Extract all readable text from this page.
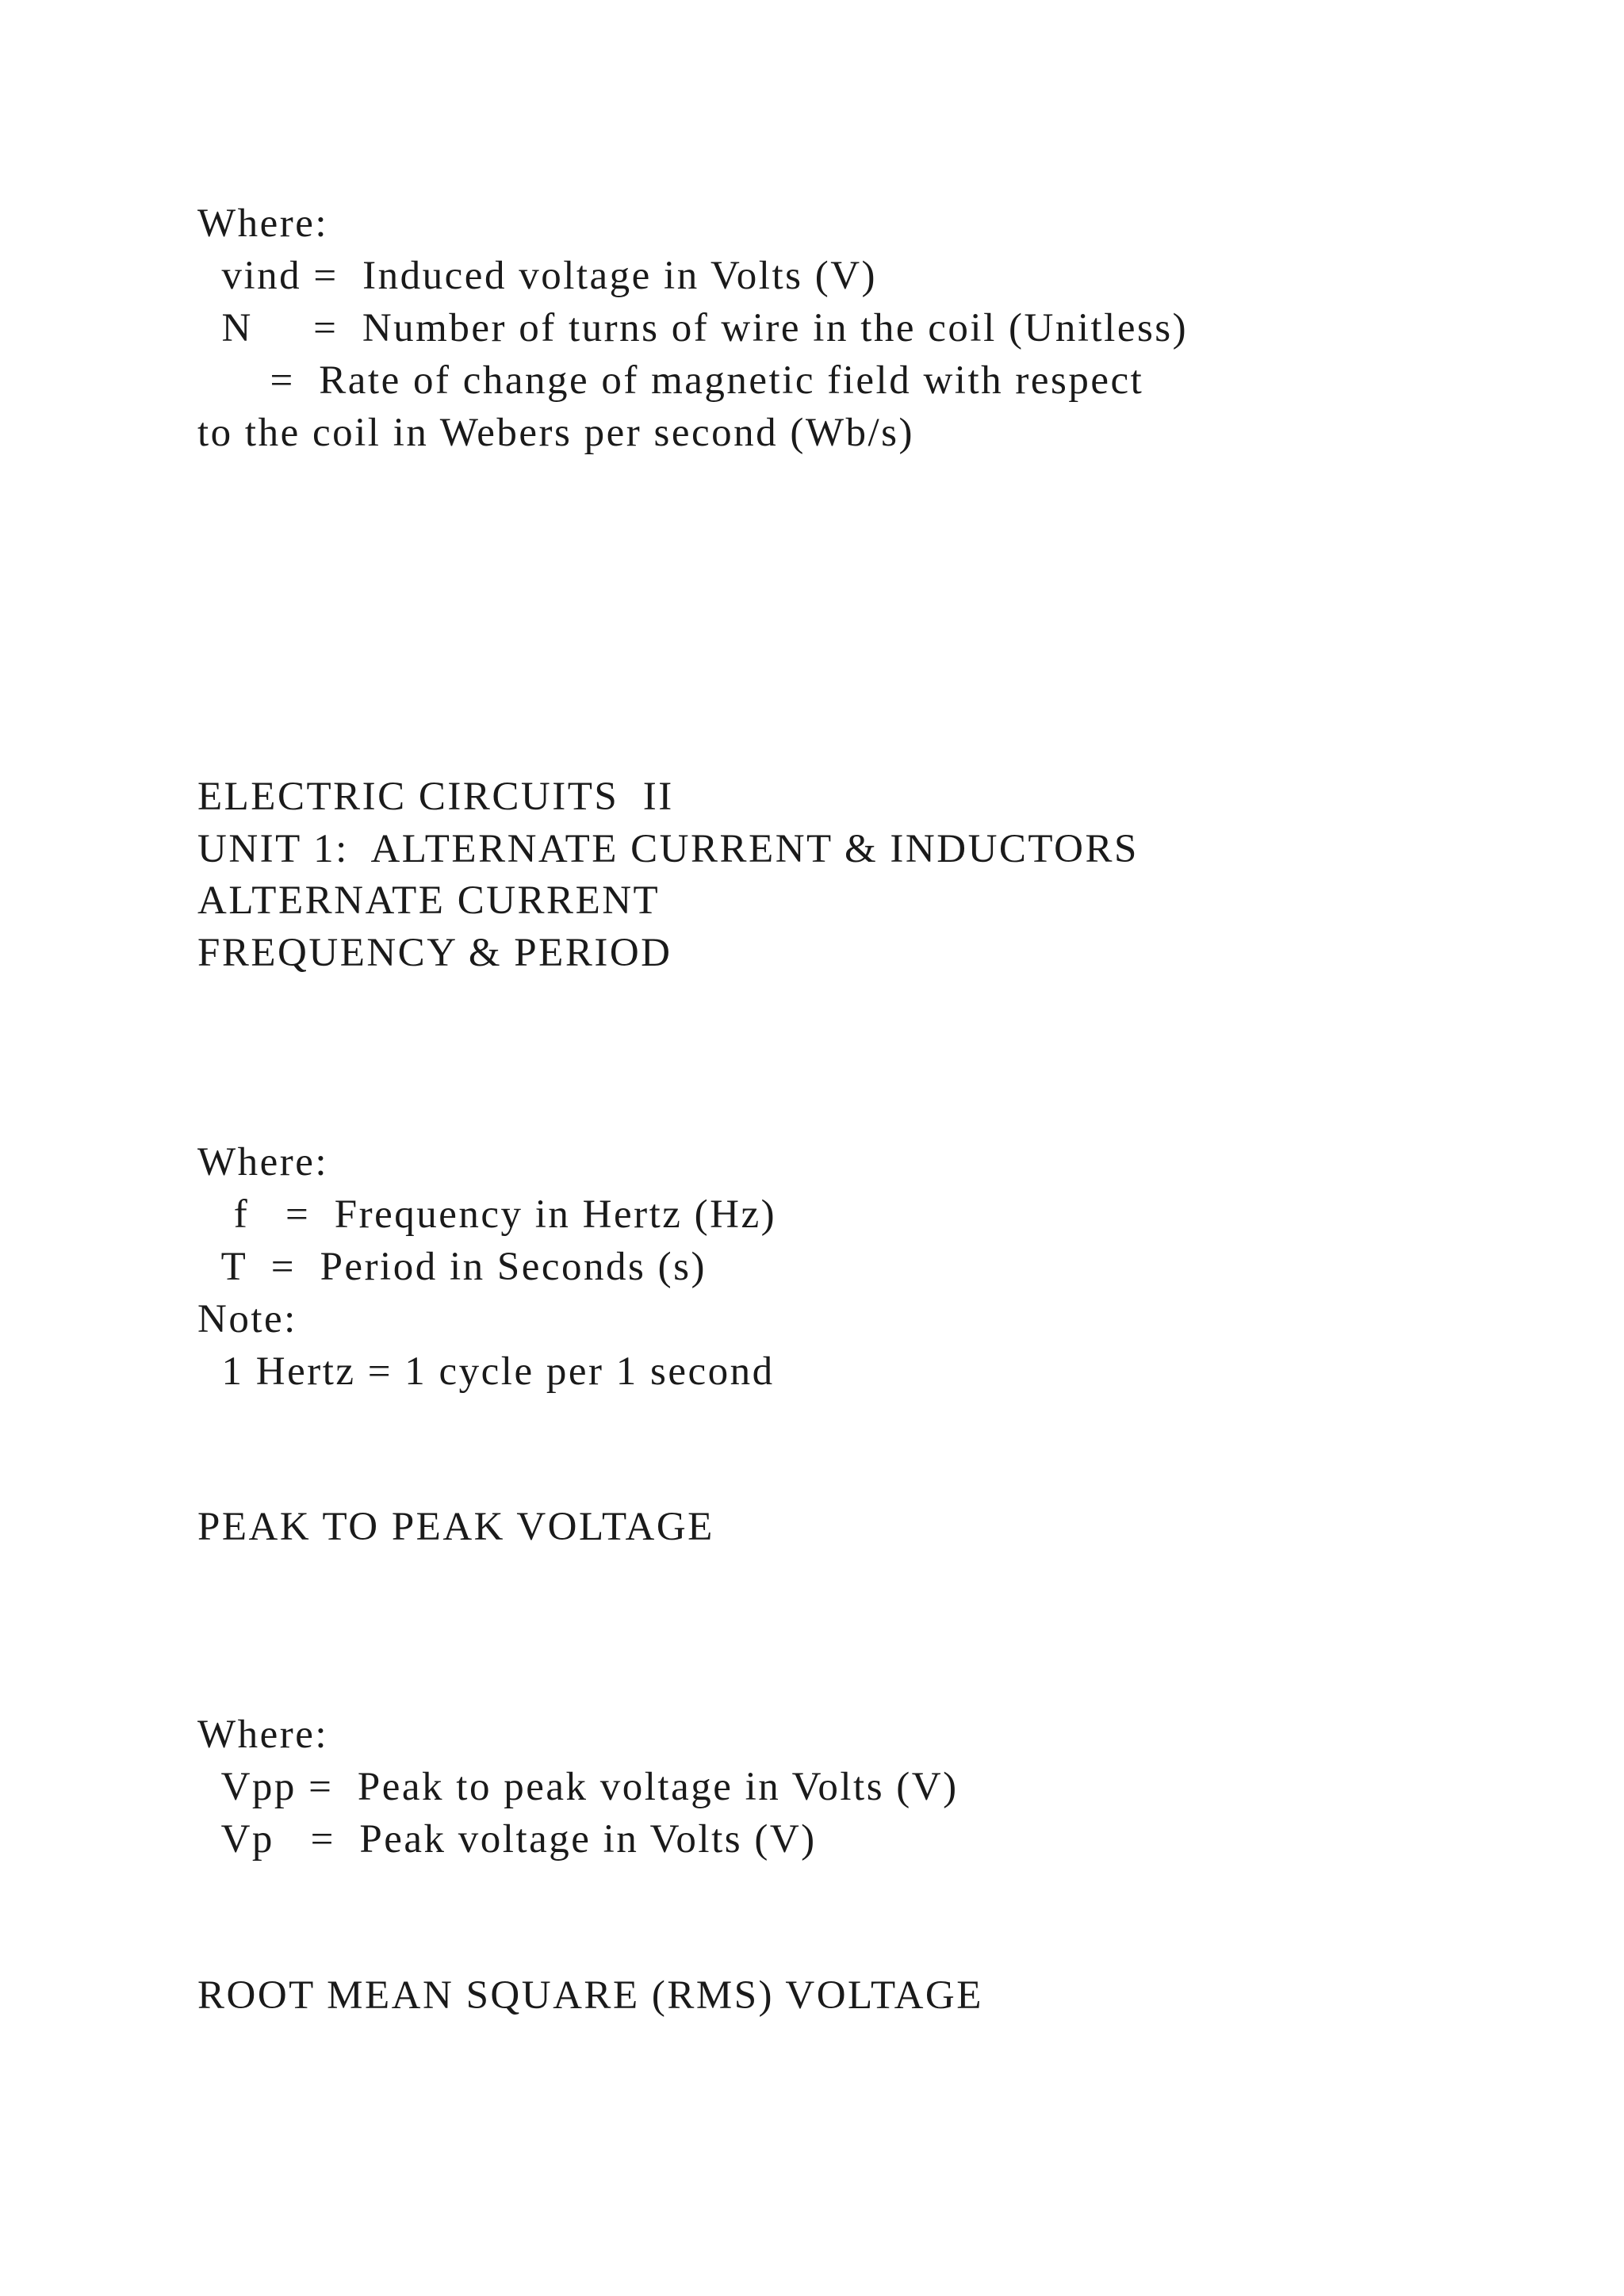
Where:
vind =  Induced voltage in Volts (V)
N     =  Number of turns of wire in the coil (Unitless)
=  Rate of change of magnetic field with respect
to the coil in Webers per second (Wb/s)
ELECTRIC CIRCUITS  II
UNIT 1:  ALTERNATE CURRENT & INDUCTORS
ALTERNATE CURRENT
FREQUENCY & PERIOD
Where:
f   =  Frequency in Hertz (Hz)
T  =  Period in Seconds (s)
Note:
1 Hertz = 1 cycle per 1 second
PEAK TO PEAK VOLTAGE
Where:
Vpp =  Peak to peak voltage in Volts (V)
Vp   =  Peak voltage in Volts (V)
ROOT MEAN SQUARE (RMS) VOLTAGE
